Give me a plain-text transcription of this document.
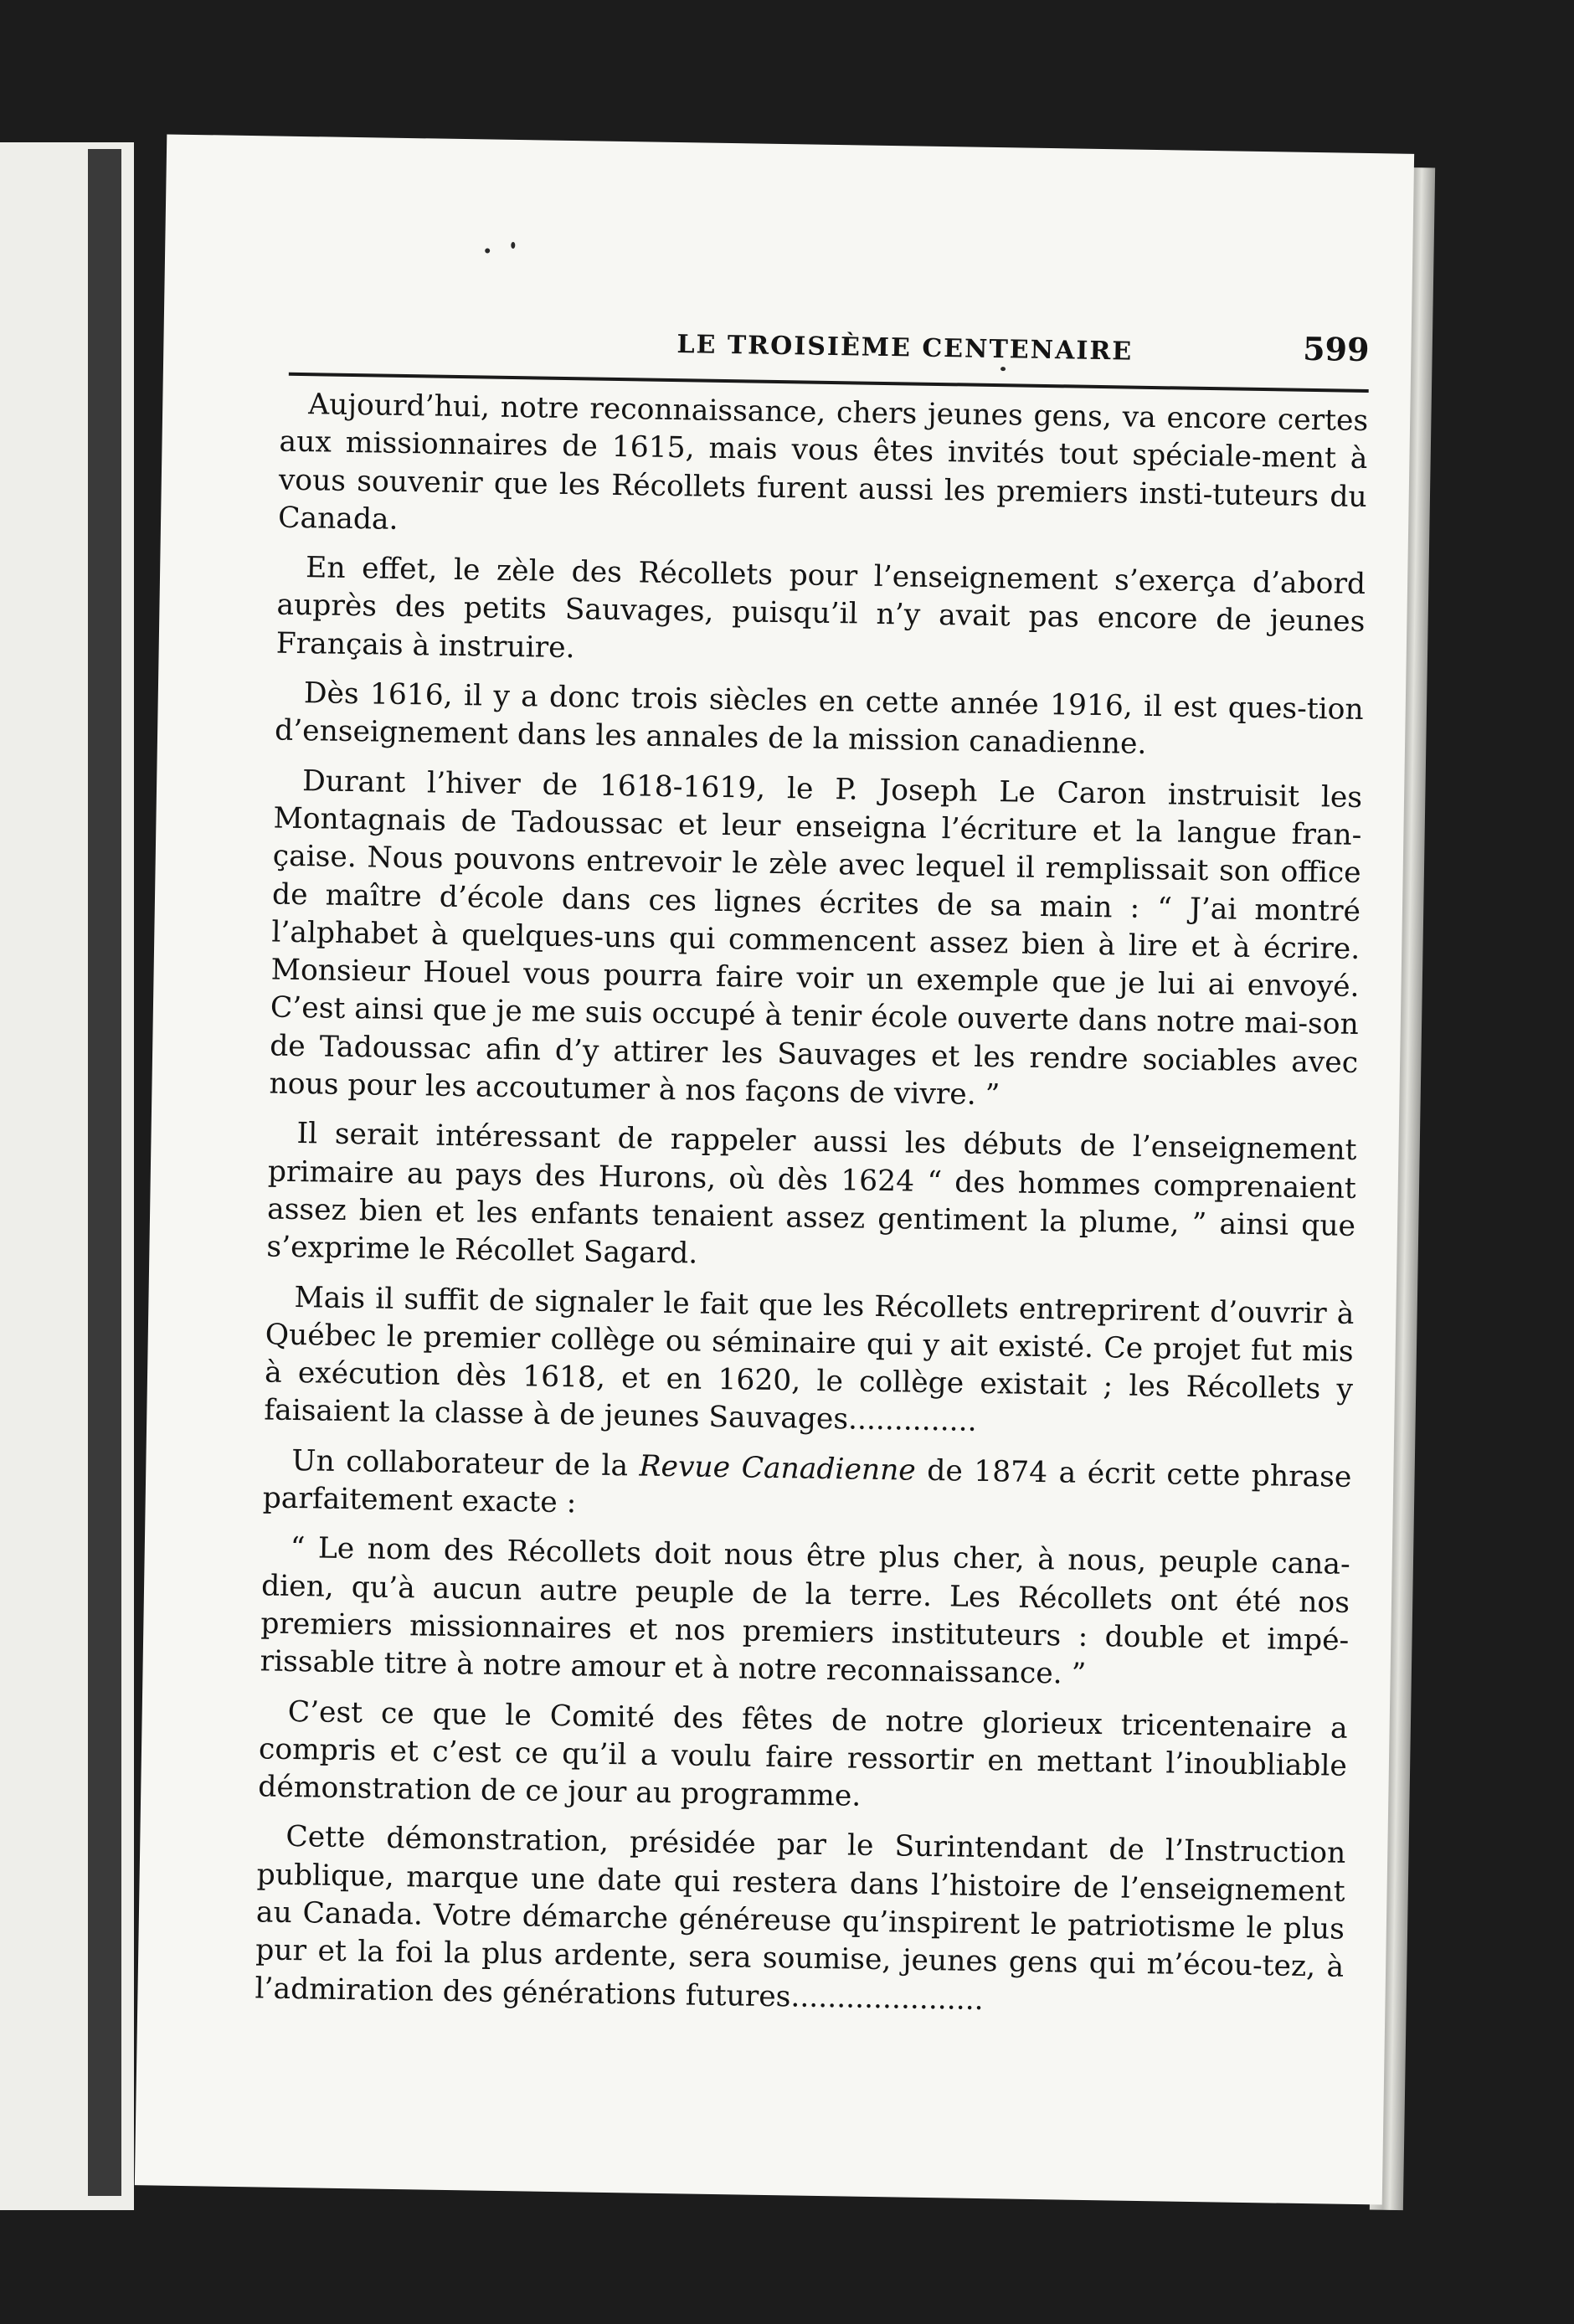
LE TROISIÈME CENTENAIRE	599

Aujourd’hui, notre reconnaissance, chers jeunes gens, va encore certes aux missionnaires de 1615, mais vous êtes invités tout spéciale-ment à vous souvenir que les Récollets furent aussi les premiers insti-tuteurs du Canada.

En effet, le zèle des Récollets pour l’enseignement s’exerça d’abord auprès des petits Sauvages, puisqu’il n’y avait pas encore de jeunes Français à instruire.

Dès 1616, il y a donc trois siècles en cette année 1916, il est ques-tion d’enseignement dans les annales de la mission canadienne.

Durant l’hiver de 1618-1619, le P. Joseph Le Caron instruisit les Montagnais de Tadoussac et leur enseigna l’écriture et la langue fran-çaise. Nous pouvons entrevoir le zèle avec lequel il remplissait son office de maître d’école dans ces lignes écrites de sa main : “ J’ai montré l’alphabet à quelques-uns qui commencent assez bien à lire et à écrire. Monsieur Houel vous pourra faire voir un exemple que je lui ai envoyé. C’est ainsi que je me suis occupé à tenir école ouverte dans notre mai-son de Tadoussac afin d’y attirer les Sauvages et les rendre sociables avec nous pour les accoutumer à nos façons de vivre. ”

Il serait intéressant de rappeler aussi les débuts de l’enseignement primaire au pays des Hurons, où dès 1624 “ des hommes comprenaient assez bien et les enfants tenaient assez gentiment la plume, ” ainsi que s’exprime le Récollet Sagard.

Mais il suffit de signaler le fait que les Récollets entreprirent d’ouvrir à Québec le premier collège ou séminaire qui y ait existé. Ce projet fut mis à exécution dès 1618, et en 1620, le collège existait ; les Récollets y faisaient la classe à de jeunes Sauvages..............

Un collaborateur de la Revue Canadienne de 1874 a écrit cette phrase parfaitement exacte :

“ Le nom des Récollets doit nous être plus cher, à nous, peuple cana-dien, qu’à aucun autre peuple de la terre. Les Récollets ont été nos premiers missionnaires et nos premiers instituteurs : double et impé-rissable titre à notre amour et à notre reconnaissance. ”

C’est ce que le Comité des fêtes de notre glorieux tricentenaire a compris et c’est ce qu’il a voulu faire ressortir en mettant l’inoubliable démonstration de ce jour au programme.

Cette démonstration, présidée par le Surintendant de l’Instruction publique, marque une date qui restera dans l’histoire de l’enseignement au Canada. Votre démarche généreuse qu’inspirent le patriotisme le plus pur et la foi la plus ardente, sera soumise, jeunes gens qui m’écou-tez, à l’admiration des générations futures.....................
